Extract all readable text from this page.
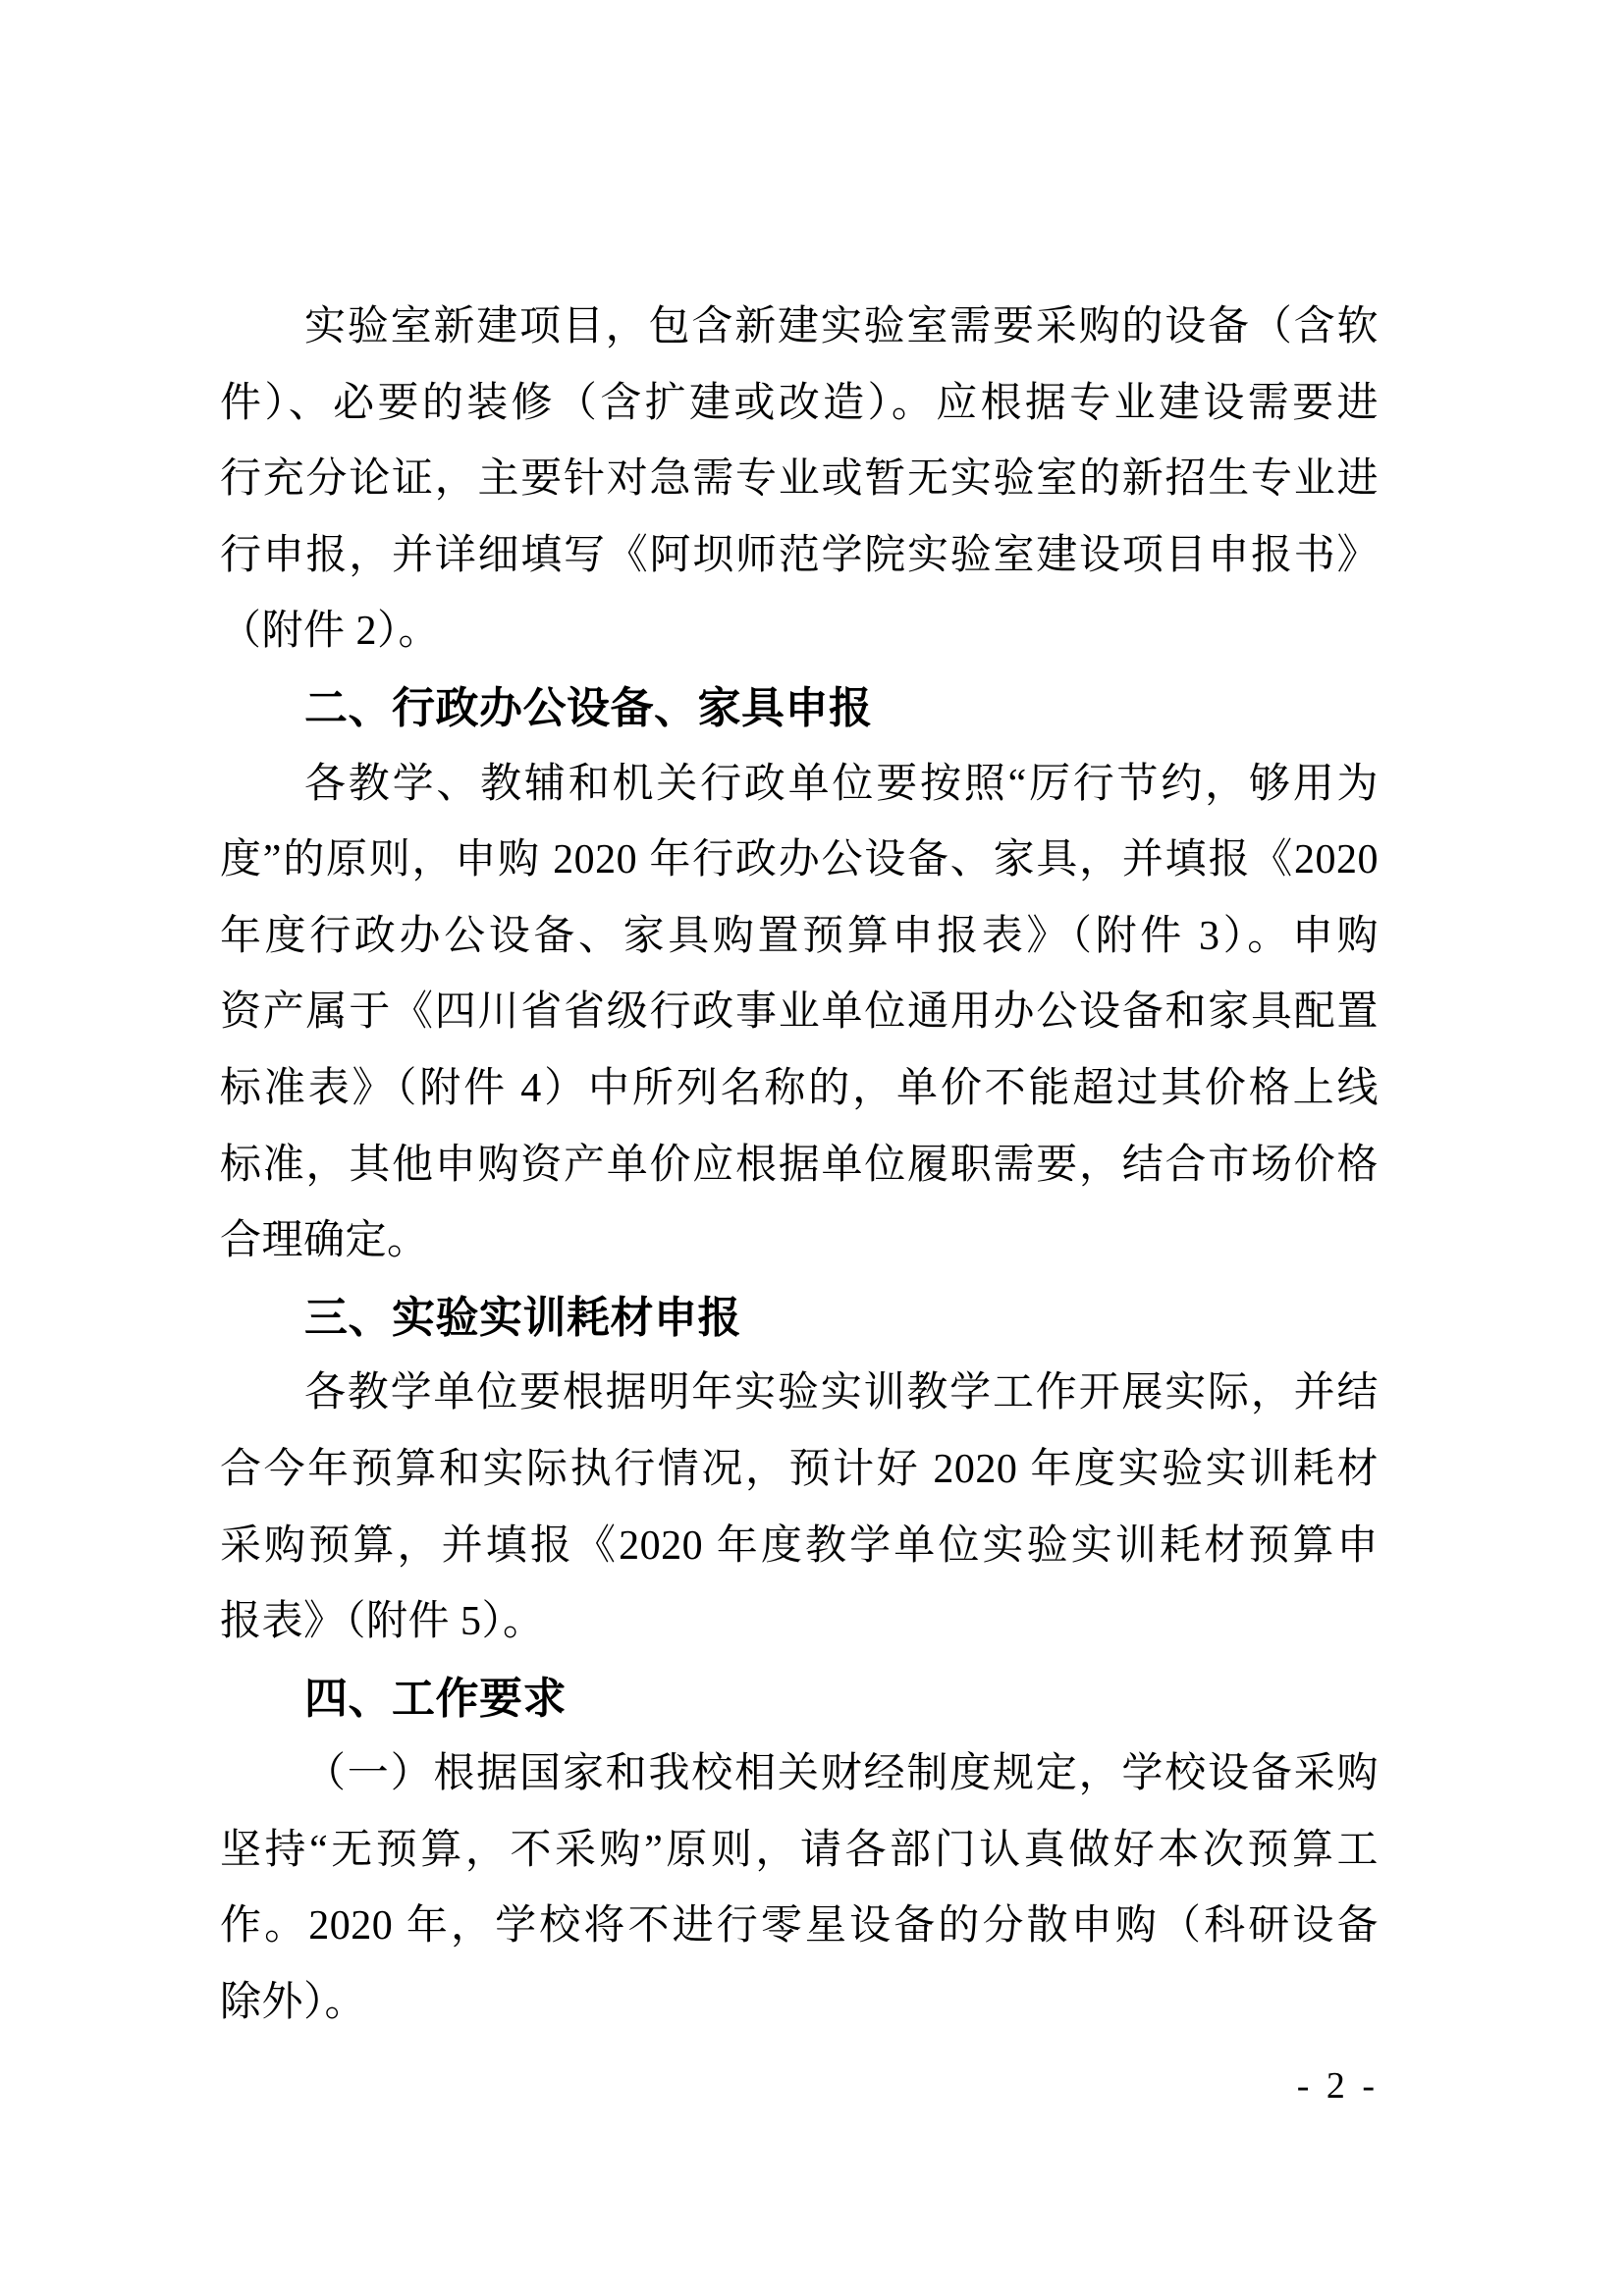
实验室新建项目，包含新建实验室需要采购的设备（含软
件）、必要的装修（含扩建或改造）。应根据专业建设需要进
行充分论证，主要针对急需专业或暂无实验室的新招生专业进
行申报，并详细填写《阿坝师范学院实验室建设项目申报书》
（附件 2）。
二、行政办公设备、家具申报
各教学、教辅和机关行政单位要按照“厉行节约，够用为
度”的原则，申购 2020 年行政办公设备、家具，并填报《2020
年度行政办公设备、家具购置预算申报表》（附件 3）。申购
资产属于《四川省省级行政事业单位通用办公设备和家具配置
标准表》（附件 4）中所列名称的，单价不能超过其价格上线
标准，其他申购资产单价应根据单位履职需要，结合市场价格
合理确定。
三、实验实训耗材申报
各教学单位要根据明年实验实训教学工作开展实际，并结
合今年预算和实际执行情况，预计好 2020 年度实验实训耗材
采购预算，并填报《2020 年度教学单位实验实训耗材预算申
报表》（附件 5）。
四、工作要求
（一）根据国家和我校相关财经制度规定，学校设备采购
坚持“无预算，不采购”原则，请各部门认真做好本次预算工
作。2020 年，学校将不进行零星设备的分散申购（科研设备
除外）。
- 2 -
